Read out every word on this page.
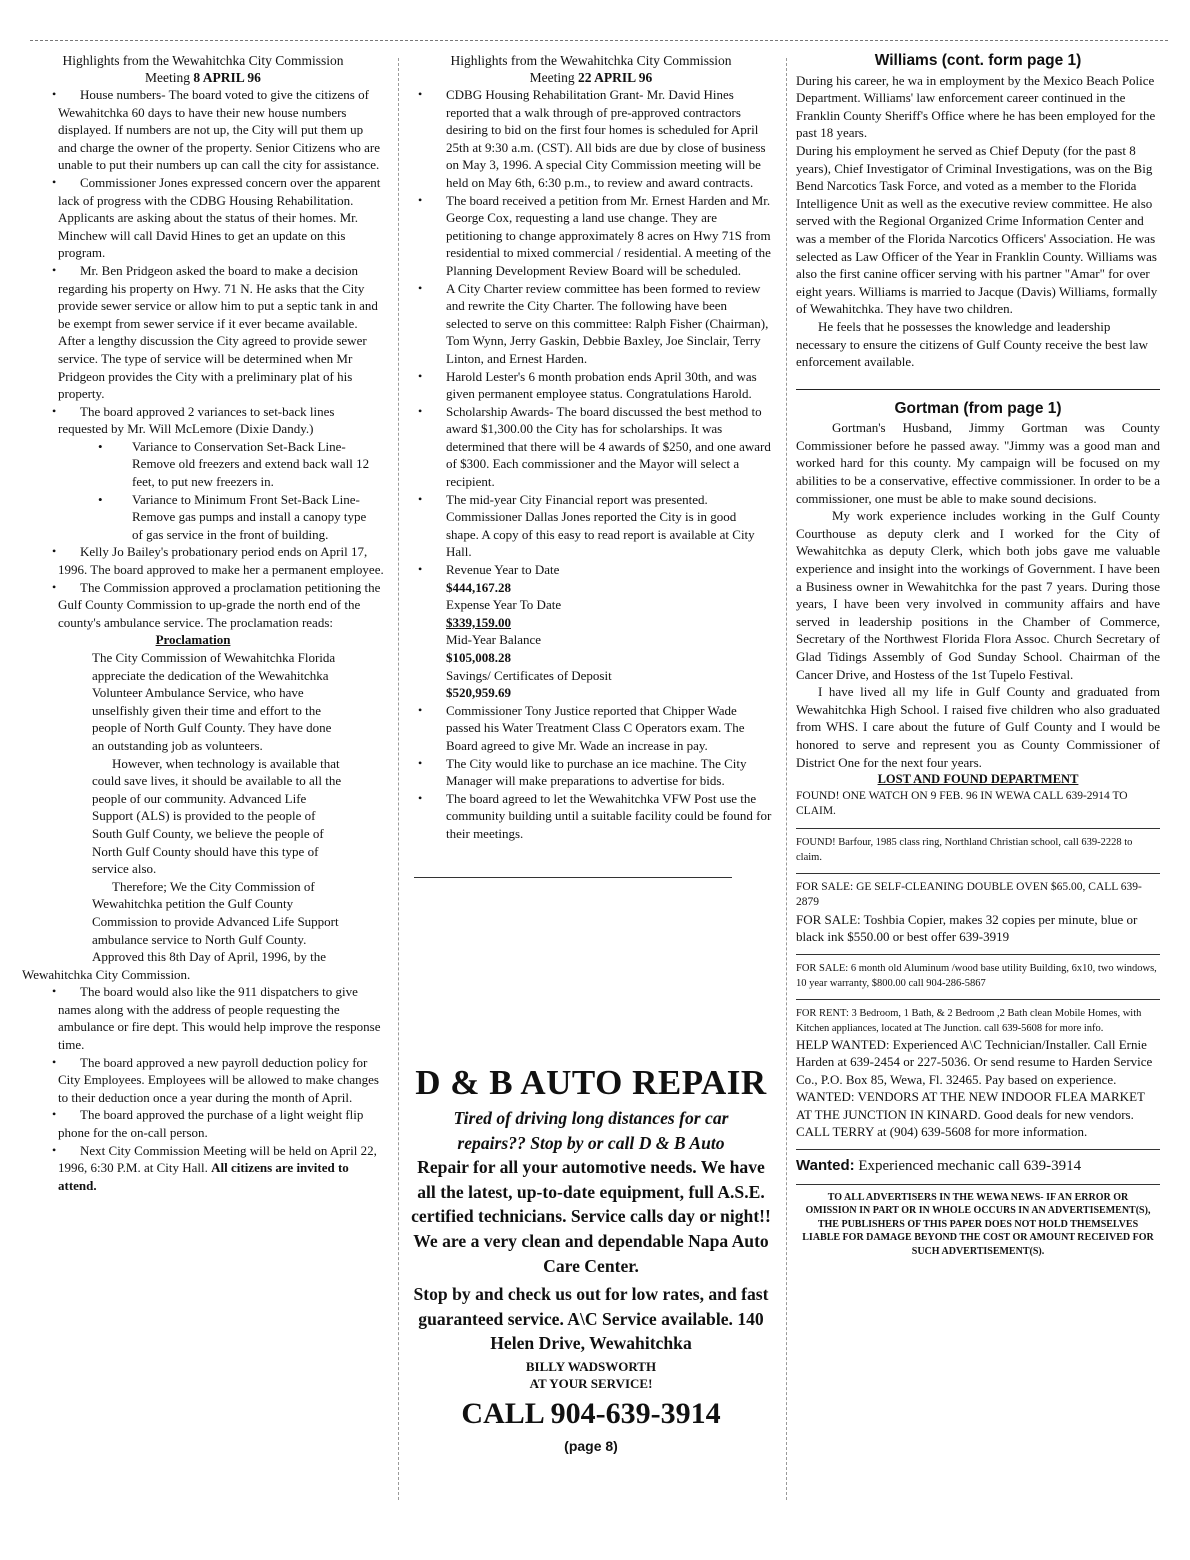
Highlights from the Wewahitchka City Commission
Meeting 8 APRIL 96
• House numbers- The board voted to give the citizens of Wewahitchka 60 days to have their new house numbers displayed. If numbers are not up, the City will put them up and charge the owner of the property. Senior Citizens who are unable to put their numbers up can call the city for assistance.
• Commissioner Jones expressed concern over the apparent lack of progress with the CDBG Housing Rehabilitation. Applicants are asking about the status of their homes. Mr. Minchew will call David Hines to get an update on this program.
• Mr. Ben Pridgeon asked the board to make a decision regarding his property on Hwy. 71 N. He asks that the City provide sewer service or allow him to put a septic tank in and be exempt from sewer service if it ever became available. After a lengthy discussion the City agreed to provide sewer service. The type of service will be determined when Mr Pridgeon provides the City with a preliminary plat of his property.
• The board approved 2 variances to set-back lines requested by Mr. Will McLemore (Dixie Dandy.)
• Variance to Conservation Set-Back Line- Remove old freezers and extend back wall 12 feet, to put new freezers in.
• Variance to Minimum Front Set-Back Line- Remove gas pumps and install a canopy type of gas service in the front of building.
• Kelly Jo Bailey's probationary period ends on April 17, 1996. The board approved to make her a permanent employee.
• The Commission approved a proclamation petitioning the Gulf County Commission to up-grade the north end of the county's ambulance service. The proclamation reads:
Proclamation

The City Commission of Wewahitchka Florida appreciate the dedication of the Wewahitchka Volunteer Ambulance Service, who have unselfishly given their time and effort to the people of North Gulf County. They have done an outstanding job as volunteers.

However, when technology is available that could save lives, it should be available to all the people of our community. Advanced Life Support (ALS) is provided to the people of South Gulf County, we believe the people of North Gulf County should have this type of service also.

Therefore; We the City Commission of Wewahitchka petition the Gulf County Commission to provide Advanced Life Support ambulance service to North Gulf County.

Approved this 8th Day of April, 1996, by the Wewahitchka City Commission.
• The board would also like the 911 dispatchers to give names along with the address of people requesting the ambulance or fire dept. This would help improve the response time.
• The board approved a new payroll deduction policy for City Employees. Employees will be allowed to make changes to their deduction once a year during the month of April.
• The board approved the purchase of a light weight flip phone for the on-call person.
• Next City Commission Meeting will be held on April 22, 1996, 6:30 P.M. at City Hall. All citizens are invited to attend.
Highlights from the Wewahitchka City Commission
Meeting 22 APRIL 96
• CDBG Housing Rehabilitation Grant- Mr. David Hines reported that a walk through of pre-approved contractors desiring to bid on the first four homes is scheduled for April 25th at 9:30 a.m. (CST). All bids are due by close of business on May 3, 1996. A special City Commission meeting will be held on May 6th, 6:30 p.m., to review and award contracts.
• The board received a petition from Mr. Ernest Harden and Mr. George Cox, requesting a land use change. They are petitioning to change approximately 8 acres on Hwy 71S from residential to mixed commercial / residential. A meeting of the Planning Development Review Board will be scheduled.
• A City Charter review committee has been formed to review and rewrite the City Charter. The following have been selected to serve on this committee: Ralph Fisher (Chairman), Tom Wynn, Jerry Gaskin, Debbie Baxley, Joe Sinclair, Terry Linton, and Ernest Harden.
• Harold Lester's 6 month probation ends April 30th, and was given permanent employee status. Congratulations Harold.
• Scholarship Awards- The board discussed the best method to award $1,300.00 the City has for scholarships. It was determined that there will be 4 awards of $250, and one award of $300. Each commissioner and the Mayor will select a recipient.
• The mid-year City Financial report was presented. Commissioner Dallas Jones reported the City is in good shape. A copy of this easy to read report is available at City Hall.
• Revenue Year to Date
$444,167.28
Expense Year To Date
$339,159.00
Mid-Year Balance
$105,008.28
Savings/ Certificates of Deposit
$520,959.69
• Commissioner Tony Justice reported that Chipper Wade passed his Water Treatment Class C Operators exam. The Board agreed to give Mr. Wade an increase in pay.
• The City would like to purchase an ice machine. The City Manager will make preparations to advertise for bids.
• The board agreed to let the Wewahitchka VFW Post use the community building until a suitable facility could be found for their meetings.
D & B AUTO REPAIR
Tired of driving long distances for car
repairs?? Stop by or call D & B Auto
Repair for all your automotive needs. We have all the latest, up-to-date equipment, full A.S.E. certified technicians. Service calls day or night!! We are a very clean and dependable Napa Auto Care Center.
Stop by and check us out for low rates, and fast guaranteed service. A\C Service available. 140 Helen Drive, Wewahitchka
BILLY WADSWORTH
AT YOUR SERVICE!
CALL 904-639-3914
(page 8)
Williams (cont. form page 1)
During his career, he wa in employment by the Mexico Beach Police Department. Williams' law enforcement career continued in the Franklin County Sheriff's Office where he has been employed for the past 18 years.
During his employment he served as Chief Deputy (for the past 8 years), Chief Investigator of Criminal Investigations, was on the Big Bend Narcotics Task Force, and voted as a member to the Florida Intelligence Unit as well as the executive review committee. He also served with the Regional Organized Crime Information Center and was a member of the Florida Narcotics Officers' Association. He was selected as Law Officer of the Year in Franklin County. Williams was also the first canine officer serving with his partner "Amar" for over eight years. Williams is married to Jacque (Davis) Williams, formally of Wewahitchka. They have two children.
He feels that he possesses the knowledge and leadership necessary to ensure the citizens of Gulf County receive the best law enforcement available.
Gortman (from page 1)
Gortman's Husband, Jimmy Gortman was County Commissioner before he passed away. "Jimmy was a good man and worked hard for this county. My campaign will be focused on my abilities to be a conservative, effective commissioner. In order to be a commissioner, one must be able to make sound decisions.
My work experience includes working in the Gulf County Courthouse as deputy clerk and I worked for the City of Wewahitchka as deputy Clerk, which both jobs gave me valuable experience and insight into the workings of Government. I have been a Business owner in Wewahitchka for the past 7 years. During those years, I have been very involved in community affairs and have served in leadership positions in the Chamber of Commerce, Secretary of the Northwest Florida Flora Assoc. Church Secretary of Glad Tidings Assembly of God Sunday School. Chairman of the Cancer Drive, and Hostess of the 1st Tupelo Festival.
I have lived all my life in Gulf County and graduated from Wewahitchka High School. I raised five children who also graduated from WHS. I care about the future of Gulf County and I would be honored to serve and represent you as County Commissioner of District One for the next four years.
LOST AND FOUND DEPARTMENT

FOUND! ONE WATCH ON 9 FEB. 96 IN WEWA CALL 639-2914 TO CLAIM.

FOUND! Barfour, 1985 class ring, Northland Christian school, call 639-2228 to claim.

FOR SALE: GE SELF-CLEANING DOUBLE OVEN $65.00, CALL 639-2879

FOR SALE: Toshbia Copier, makes 32 copies per minute, blue or black ink $550.00 or best offer 639-3919

FOR SALE: 6 month old Aluminum /wood base utility Building, 6x10, two windows, 10 year warranty, $800.00 call 904-286-5867

FOR RENT: 3 Bedroom, 1 Bath, & 2 Bedroom ,2 Bath clean Mobile Homes, with Kitchen appliances, located at The Junction. call 639-5608 for more info.

HELP WANTED: Experienced A\C Technician/Installer. Call Ernie Harden at 639-2454 or 227-5036. Or send resume to Harden Service Co., P.O. Box 85, Wewa, Fl. 32465. Pay based on experience.

WANTED: VENDORS AT THE NEW INDOOR FLEA MARKET AT THE JUNCTION IN KINARD. Good deals for new vendors. CALL TERRY at (904) 639-5608 for more information.

Wanted: Experienced mechanic call 639-3914

TO ALL ADVERTISERS IN THE WEWA NEWS- IF AN ERROR OR OMISSION IN PART OR IN WHOLE OCCURS IN AN ADVERTISEMENT(S), THE PUBLISHERS OF THIS PAPER DOES NOT HOLD THEMSELVES LIABLE FOR DAMAGE BEYOND THE COST OR AMOUNT RECEIVED FOR SUCH ADVERTISEMENT(S).
